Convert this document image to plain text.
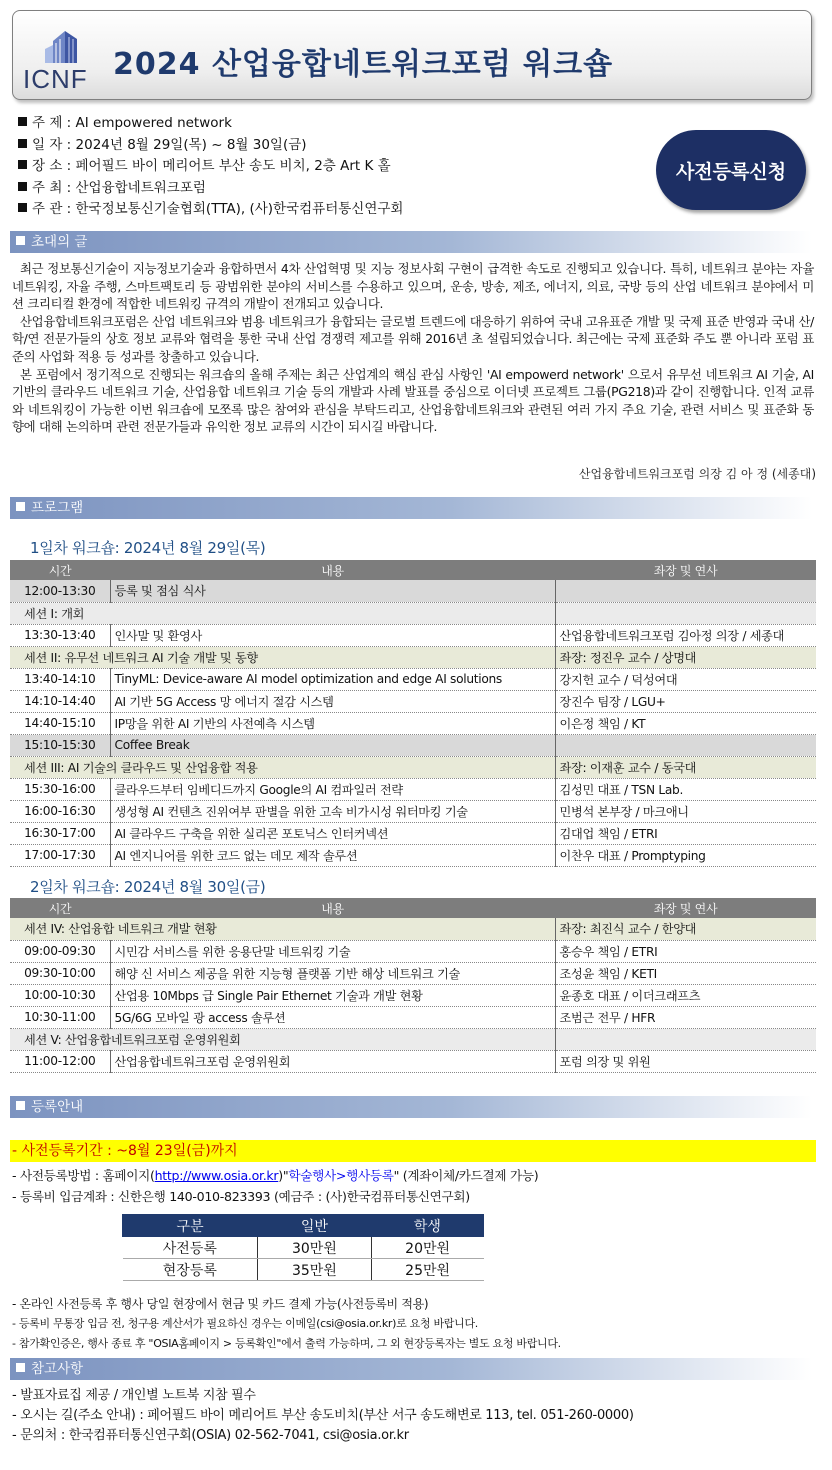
ICNF 2024 산업융합네트워크포럼 워크숍
주 제 : AI empowered network
일 자 : 2024년 8월 29일(목) ~ 8월 30일(금)
장 소 : 페어필드 바이 메리어트 부산 송도 비치, 2층 Art K 홀
주 최 : 산업융합네트워크포럼
주 관 : 한국정보통신기술협회(TTA), (사)한국컴퓨터통신연구회
사전등록신청
초대의 글

최근 정보통신기술이 지능정보기술과 융합하면서 4차 산업혁명 및 지능 정보사회 구현이 급격한 속도로 진행되고 있습니다. 특히, 네트워크 분야는 자율 네트워킹, 자율 주행, 스마트팩토리 등 광범위한 분야의 서비스를 수용하고 있으며, 운송, 방송, 제조, 에너지, 의료, 국방 등의 산업 네트워크 분야에서 미션 크리티컬 환경에 적합한 네트워킹 규격의 개발이 전개되고 있습니다.

산업융합네트워크포럼은 산업 네트워크와 범용 네트워크가 융합되는 글로벌 트렌드에 대응하기 위하여 국내 고유표준 개발 및 국제 표준 반영과 국내 산/학/연 전문가들의 상호 정보 교류와 협력을 통한 국내 산업 경쟁력 제고를 위해 2016년 초 설립되었습니다. 최근에는 국제 표준화 주도 뿐 아니라 포럼 표준의 사업화 적용 등 성과를 창출하고 있습니다.

본 포럼에서 정기적으로 진행되는 워크숍의 올해 주제는 최근 산업계의 핵심 관심 사항인 'AI empowerd network' 으로서 유무선 네트워크 AI 기술, AI 기반의 클라우드 네트워크 기술, 산업융합 네트워크 기술 등의 개발과 사례 발표를 중심으로 이더넷 프로젝트 그룹(PG218)과 같이 진행합니다. 인적 교류와 네트워킹이 가능한 이번 워크숍에 모쪼록 많은 참여와 관심을 부탁드리고, 산업융합네트워크와 관련된 여러 가지 주요 기술, 관련 서비스 및 표준화 동향에 대해 논의하며 관련 전문가들과 유익한 정보 교류의 시간이 되시길 바랍니다.

산업융합네트워크포럼 의장 김 아 정 (세종대)
프로그램
1일차 워크숍: 2024년 8월 29일(목)
시간	내용	좌장 및 연사
12:00-13:30	등록 및 점심 식사	
세션 I: 개회		
13:30-13:40	인사말 및 환영사	산업융합네트워크포럼 김아정 의장 / 세종대
세션 II: 유무선 네트워크 AI 기술 개발 및 동향		좌장: 정진우 교수 / 상명대
13:40-14:10	TinyML: Device-aware AI model optimization and edge AI solutions	강지헌 교수 / 덕성여대
14:10-14:40	AI 기반 5G Access 망 에너지 절감 시스템	장진수 팀장 / LGU+
14:40-15:10	IP망을 위한 AI 기반의 사전예측 시스템	이은정 책임 / KT
15:10-15:30	Coffee Break	
세션 III: AI 기술의 클라우드 및 산업융합 적용		좌장: 이재훈 교수 / 동국대
15:30-16:00	클라우드부터 임베디드까지 Google의 AI 컴파일러 전략	김성민 대표 / TSN Lab.
16:00-16:30	생성형 AI 컨텐츠 진위여부 판별을 위한 고속 비가시성 워터마킹 기술	민병석 본부장 / 마크애니
16:30-17:00	AI 클라우드 구축을 위한 실리콘 포토닉스 인터커넥션	김대업 책임 / ETRI
17:00-17:30	AI 엔지니어를 위한 코드 없는 데모 제작 솔루션	이찬우 대표 / Promptyping
2일차 워크숍: 2024년 8월 30일(금)
시간	내용	좌장 및 연사
세션 IV: 산업융합 네트워크 개발 현황		좌장: 최진식 교수 / 한양대
09:00-09:30	시민감 서비스를 위한 응용단말 네트워킹 기술	홍승우 책임 / ETRI
09:30-10:00	해양 신 서비스 제공을 위한 지능형 플랫폼 기반 해상 네트워크 기술	조성윤 책임 / KETI
10:00-10:30	산업용 10Mbps 급 Single Pair Ethernet 기술과 개발 현황	윤종호 대표 / 이더크래프츠
10:30-11:00	5G/6G 모바일 광 access 솔루션	조범근 전무 / HFR
세션 V: 산업융합네트워크포럼 운영위원회		
11:00-12:00	산업융합네트워크포럼 운영위원회	포럼 의장 및 위원
등록안내
- 사전등록기간 : ~8월 23일(금)까지
- 사전등록방법 : 홈페이지(http://www.osia.or.kr)"학술행사>행사등록" (계좌이체/카드결제 가능)
- 등록비 입금계좌 : 신한은행 140-010-823393 (예금주 : (사)한국컴퓨터통신연구회)
구분	일반	학생
사전등록	30만원	20만원
현장등록	35만원	25만원
- 온라인 사전등록 후 행사 당일 현장에서 현금 및 카드 결제 가능(사전등록비 적용)
- 등록비 무통장 입금 전, 청구용 계산서가 필요하신 경우는 이메일(csi@osia.or.kr)로 요청 바랍니다.
- 참가확인증은, 행사 종료 후 "OSIA홈페이지 > 등록확인"에서 출력 가능하며, 그 외 현장등록자는 별도 요청 바랍니다.
참고사항
- 발표자료집 제공 / 개인별 노트북 지참 필수
- 오시는 길(주소 안내) : 페어필드 바이 메리어트 부산 송도비치(부산 서구 송도해변로 113, tel. 051-260-0000)
- 문의처 : 한국컴퓨터통신연구회(OSIA) 02-562-7041, csi@osia.or.kr
